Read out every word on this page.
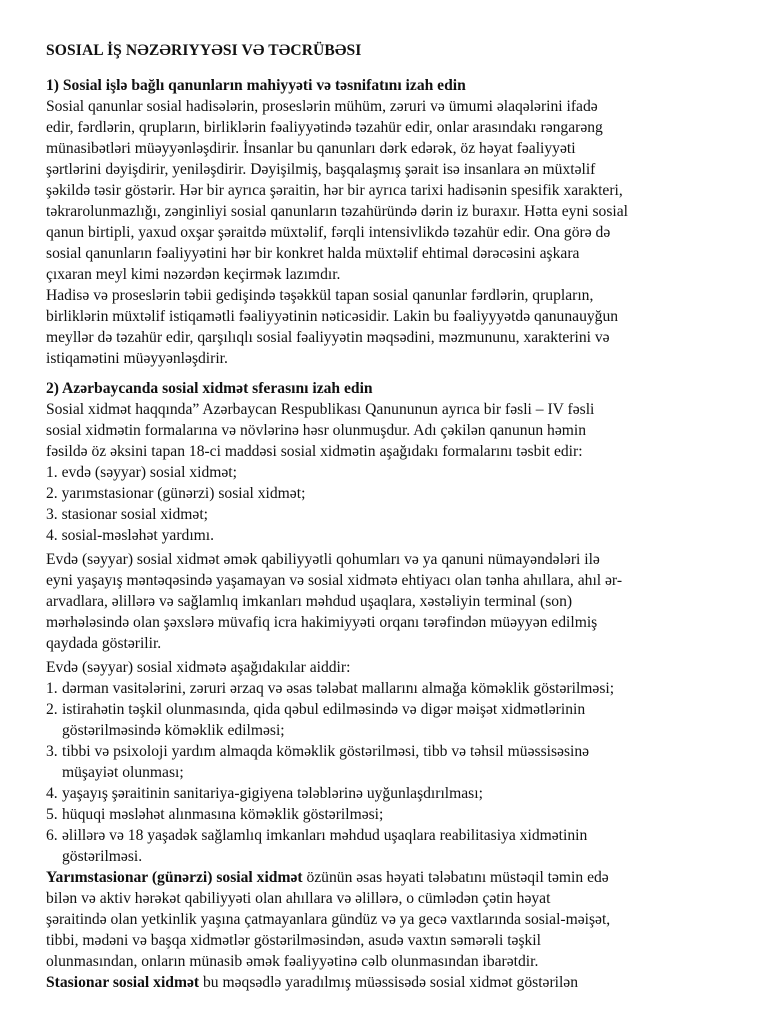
SOSIAL İŞ NƏZƏRIYYƏSI VƏ TƏCRÜBƏSI
1) Sosial işlə bağlı qanunların mahiyyəti və təsnifatını izah edin

Sosial qanunlar sosial hadisələrin, proseslərin mühüm, zəruri və ümumi əlaqələrini ifadə
edir, fərdlərin, qrupların, birliklərin fəaliyyətində təzahür edir, onlar arasındakı rəngarəng
münasibətləri müəyyənləşdirir. İnsanlar bu qanunları dərk edərək, öz həyat fəaliyyəti
şərtlərini dəyişdirir, yeniləşdirir. Dəyişilmiş, başqalaşmış şərait isə insanlara ən müxtəlif
şəkildə təsir göstərir. Hər bir ayrıca şəraitin, hər bir ayrıca tarixi hadisənin spesifik xarakteri,
təkrarolunmazlığı, zənginliyi sosial qanunların təzahüründə dərin iz buraxır. Hətta eyni sosial
qanun birtipli, yaxud oxşar şəraitdə müxtəlif, fərqli intensivlikdə təzahür edir. Ona görə də
sosial qanunların fəaliyyətini hər bir konkret halda müxtəlif ehtimal dərəcəsini aşkara
çıxaran meyl kimi nəzərdən keçirmək lazımdır.

Hadisə və proseslərin təbii gedişində təşəkkül tapan sosial qanunlar fərdlərin, qrupların,
birliklərin müxtəlif istiqamətli fəaliyyətinin nəticəsidir. Lakin bu fəaliyyyətdə qanunauyğun
meyllər də təzahür edir, qarşılıqlı sosial fəaliyyətin məqsədini, məzmununu, xarakterini və
istiqamətini müəyyənləşdirir.

2) Azərbaycanda sosial xidmət sferasını izah edin

Sosial xidmət haqqında” Azərbaycan Respublikası Qanununun ayrıca bir fəsli – IV fəsli
sosial xidmətin formalarına və növlərinə həsr olunmuşdur. Adı çəkilən qanunun həmin
fəsildə öz əksini tapan 18-ci maddəsi sosial xidmətin aşağıdakı formalarını təsbit edir:

1. evdə (səyyar) sosial xidmət;
2. yarımstasionar (günərzi) sosial xidmət;
3. stasionar sosial xidmət;
4. sosial-məsləhət yardımı.

Evdə (səyyar) sosial xidmət əmək qabiliyyətli qohumları və ya qanuni nümayəndələri ilə
eyni yaşayış məntəqəsində yaşamayan və sosial xidmətə ehtiyacı olan tənha ahıllara, ahıl ər-
arvadlara, əlillərə və sağlamlıq imkanları məhdud uşaqlara, xəstəliyin terminal (son)
mərhələsində olan şəxslərə müvafiq icra hakimiyyəti orqanı tərəfindən müəyyən edilmiş
qaydada göstərilir.

Evdə (səyyar) sosial xidmətə aşağıdakılar aiddir:
1. dərman vasitələrini, zəruri ərzaq və əsas tələbat mallarını almağa köməklik göstərilməsi;
2. istirahətin təşkil olunmasında, qida qəbul edilməsində və digər məişət xidmətlərinin
göstərilməsində köməklik edilməsi;
3. tibbi və psixoloji yardım almaqda köməklik göstərilməsi, tibb və təhsil müəssisəsinə
müşayiət olunması;
4. yaşayış şəraitinin sanitariya-gigiyena tələblərinə uyğunlaşdırılması;
5. hüquqi məsləhət alınmasına köməklik göstərilməsi;
6. əlillərə və 18 yaşadək sağlamlıq imkanları məhdud uşaqlara reabilitasiya xidmətinin
göstərilməsi.

Yarımstasionar (günərzi) sosial xidmət özünün əsas həyati tələbatını müstəqil təmin edə
bilən və aktiv hərəkət qabiliyyəti olan ahıllara və əlillərə, o cümlədən çətin həyat
şəraitində olan yetkinlik yaşına çatmayanlara gündüz və ya gecə vaxtlarında sosial-məişət,
tibbi, mədəni və başqa xidmətlər göstərilməsindən, asudə vaxtın səmərəli təşkil
olunmasından, onların münasib əmək fəaliyyətinə cəlb olunmasından ibarətdir.

Stasionar sosial xidmət bu məqsədlə yaradılmış müəssisədə sosial xidmət göstərilən
